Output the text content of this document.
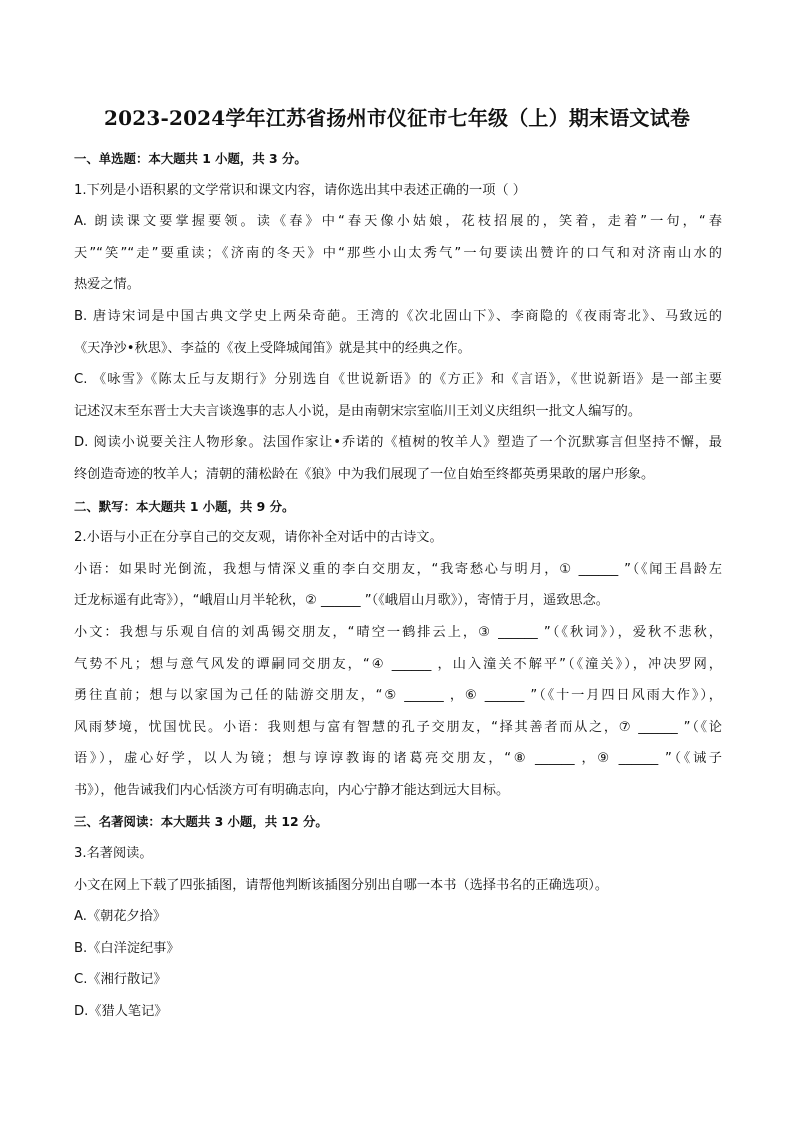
2023-2024学年江苏省扬州市仪征市七年级（上）期末语文试卷
一、单选题：本大题共 1 小题，共 3 分。
1.下列是小语积累的文学常识和课文内容，请你选出其中表述正确的一项（ ）
A. 朗读课文要掌握要领。读《春》中“春天像小姑娘，花枝招展的，笑着，走着”一句，“春
天”“笑”“走”要重读；《济南的冬天》中“那些小山太秀气”一句要读出赞许的口气和对济南山水的
热爱之情。
B. 唐诗宋词是中国古典文学史上两朵奇葩。王湾的《次北固山下》、李商隐的《夜雨寄北》、马致远的
《天净沙•秋思》、李益的《夜上受降城闻笛》就是其中的经典之作。
C. 《咏雪》《陈太丘与友期行》分别选自《世说新语》的《方正》和《言语》，《世说新语》是一部主要
记述汉末至东晋士大夫言谈逸事的志人小说，是由南朝宋宗室临川王刘义庆组织一批文人编写的。
D. 阅读小说要关注人物形象。法国作家让•乔诺的《植树的牧羊人》塑造了一个沉默寡言但坚持不懈，最
终创造奇迹的牧羊人；清朝的蒲松龄在《狼》中为我们展现了一位自始至终都英勇果敢的屠户形象。
二、默写：本大题共 1 小题，共 9 分。
2.小语与小正在分享自己的交友观，请你补全对话中的古诗文。
小语：如果时光倒流，我想与情深义重的李白交朋友，“我寄愁心与明月，① ______ ”（《闻王昌龄左
迁龙标遥有此寄》），“峨眉山月半轮秋，② ______ ”（《峨眉山月歌》），寄情于月，遥致思念。
小文：我想与乐观自信的刘禹锡交朋友，“晴空一鹤排云上，③ ______ ”（《秋词》），爱秋不悲秋，
气势不凡；想与意气风发的谭嗣同交朋友，“④ ______ ，山入潼关不解平”（《潼关》），冲决罗网，
勇往直前；想与以家国为己任的陆游交朋友，“⑤ ______ ，⑥ ______ ”（《十一月四日风雨大作》），
风雨梦境，忧国忧民。小语：我则想与富有智慧的孔子交朋友，“择其善者而从之，⑦ ______ ”（《论
语》），虚心好学，以人为镜；想与谆谆教诲的诸葛亮交朋友，“⑧ ______ ，⑨ ______ ”（《诫子
书》），他告诫我们内心恬淡方可有明确志向，内心宁静才能达到远大目标。
三、名著阅读：本大题共 3 小题，共 12 分。
3.名著阅读。
小文在网上下载了四张插图，请帮他判断该插图分别出自哪一本书（选择书名的正确选项）。
A.《朝花夕拾》
B.《白洋淀纪事》
C.《湘行散记》
D.《猎人笔记》
